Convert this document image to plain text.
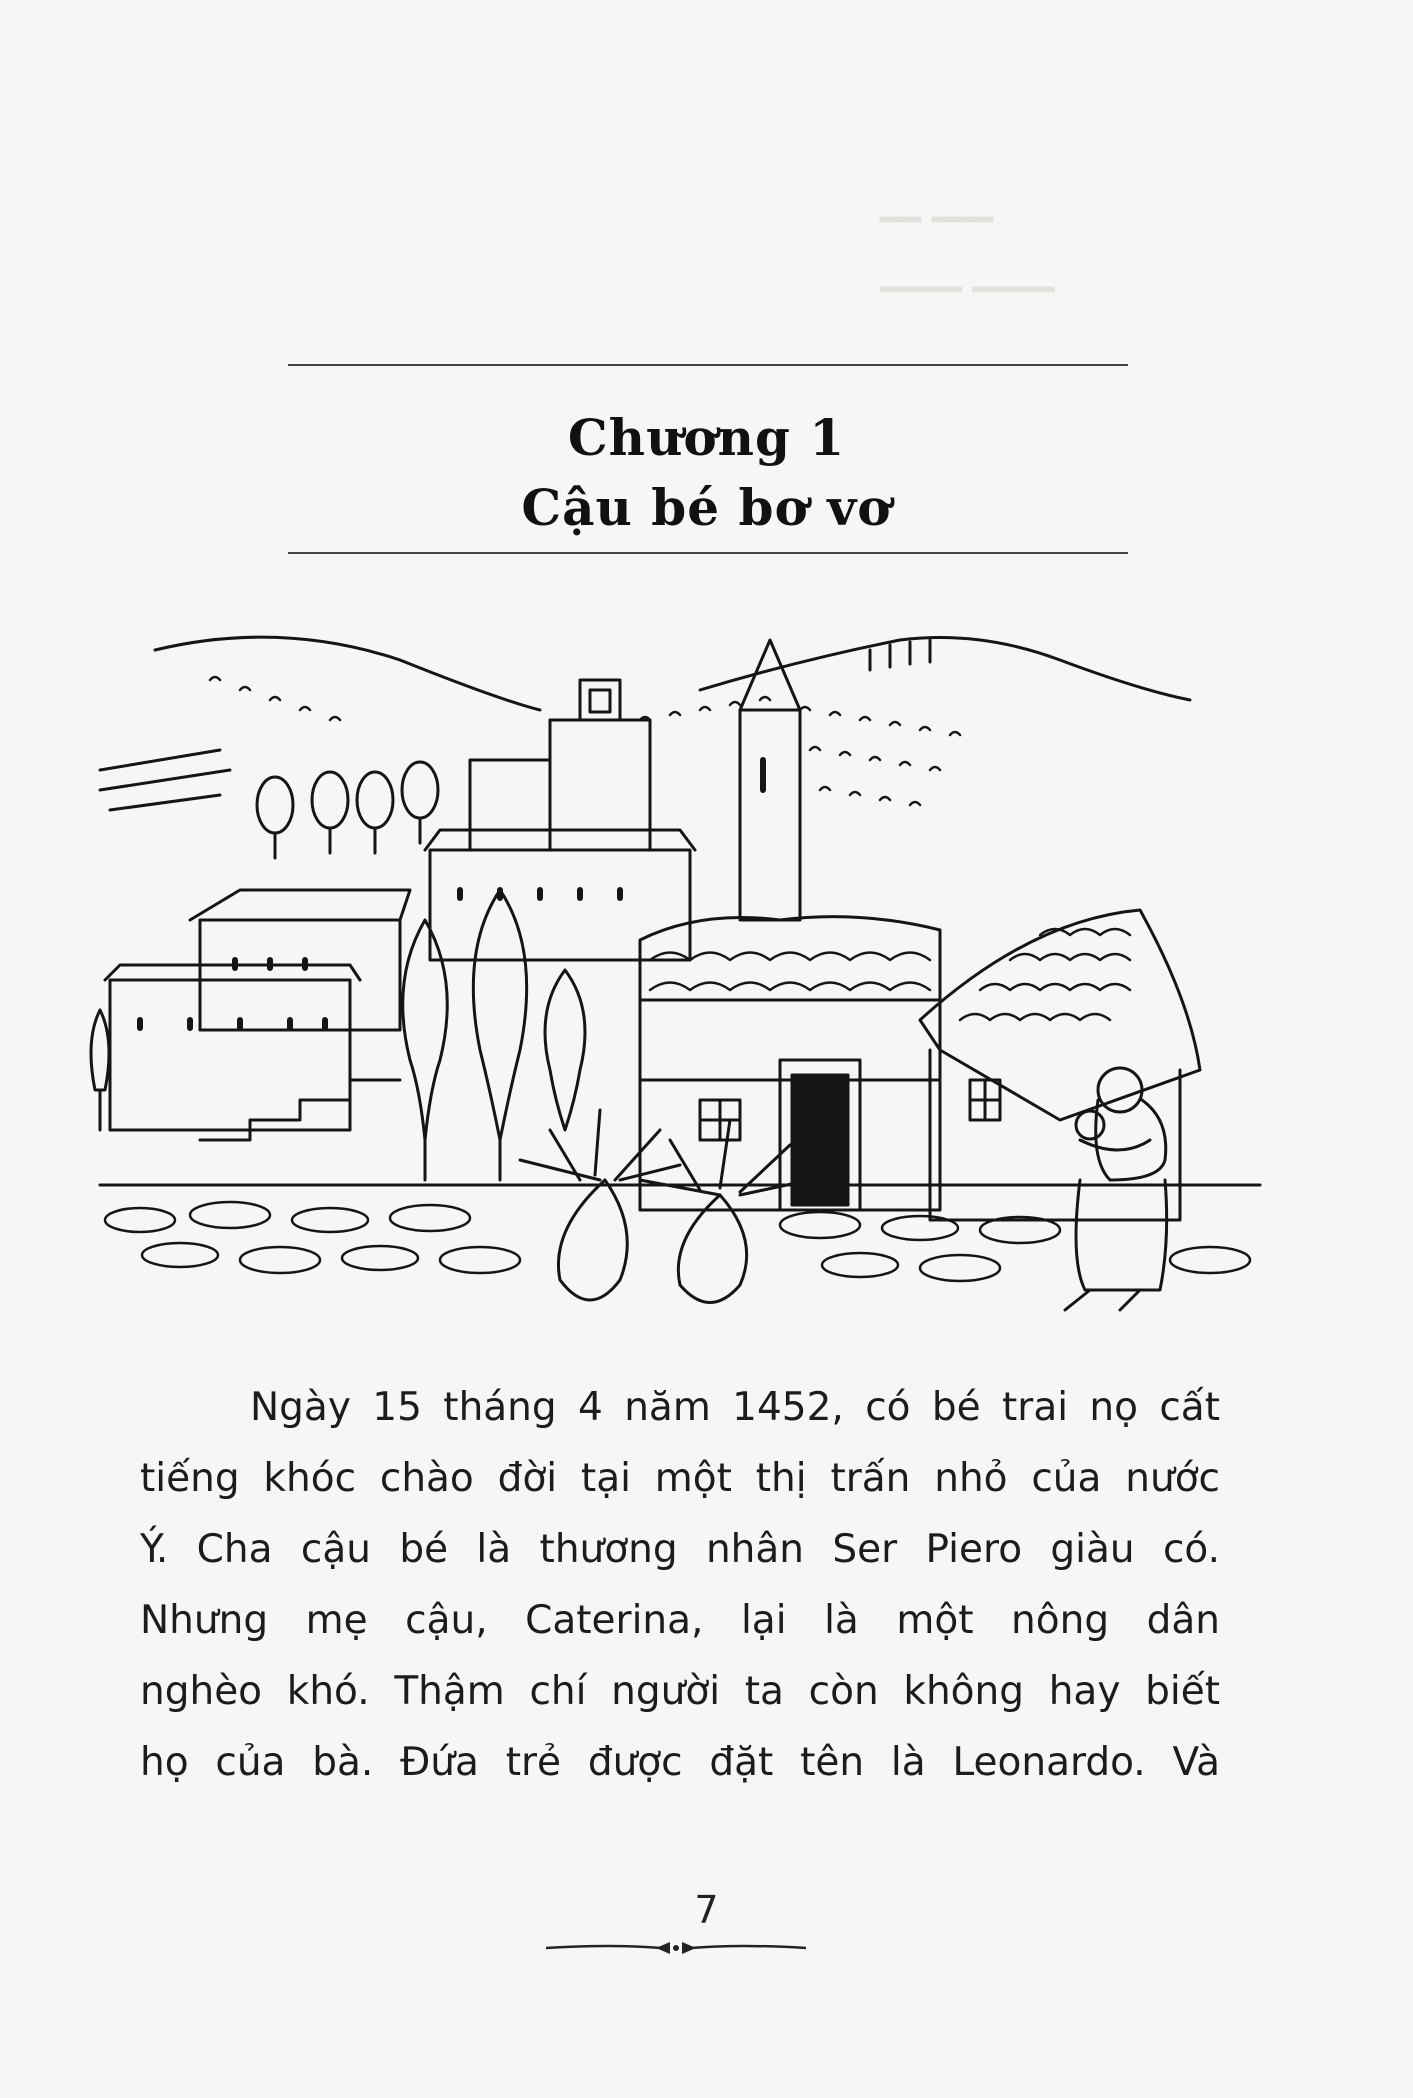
━━ ━━━
━━━━ ━━━━
Chương 1
Cậu bé bơ vơ

Ngày 15 tháng 4 năm 1452, có bé trai nọ cất
tiếng khóc chào đời tại một thị trấn nhỏ của nước
Ý. Cha cậu bé là thương nhân Ser Piero giàu có.
Nhưng mẹ cậu, Caterina, lại là một nông dân
nghèo khó. Thậm chí người ta còn không hay biết
họ của bà. Đứa trẻ được đặt tên là Leonardo. Và

7
